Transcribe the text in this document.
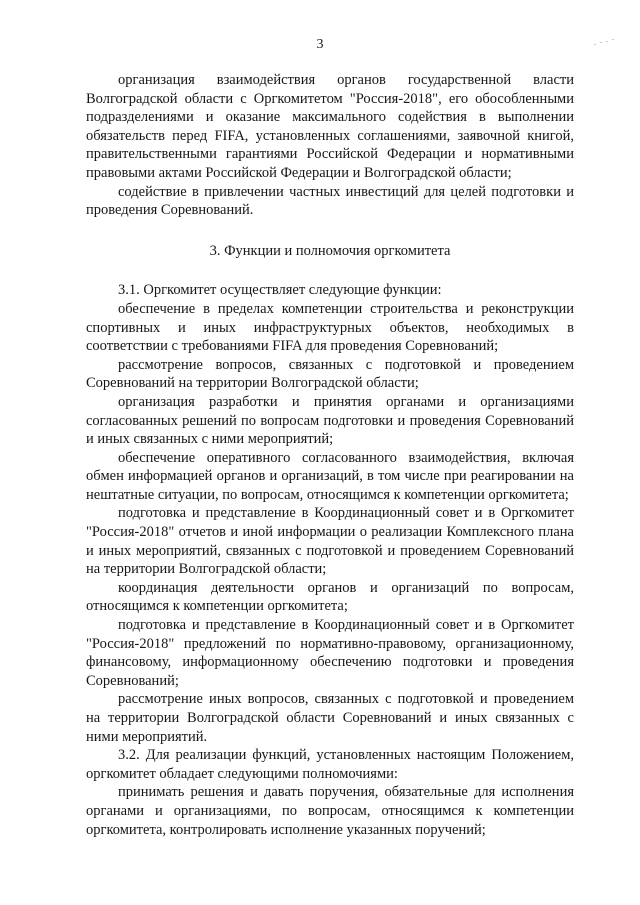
3

организация взаимодействия органов государственной власти Волгоградской области с Оргкомитетом "Россия-2018", его обособленными подразделениями и оказание максимального содействия в выполнении обязательств перед FIFA, установленных соглашениями, заявочной книгой, правительственными гарантиями Российской Федерации и нормативными правовыми актами Российской Федерации и Волгоградской области;

содействие в привлечении частных инвестиций для целей подготовки и проведения Соревнований.

3. Функции и полномочия оргкомитета

3.1. Оргкомитет осуществляет следующие функции:

обеспечение в пределах компетенции строительства и реконструкции спортивных и иных инфраструктурных объектов, необходимых в соответствии с требованиями FIFA для проведения Соревнований;

рассмотрение вопросов, связанных с подготовкой и проведением Соревнований на территории Волгоградской области;

организация разработки и принятия органами и организациями согласованных решений по вопросам подготовки и проведения Соревнований и иных связанных с ними мероприятий;

обеспечение оперативного согласованного взаимодействия, включая обмен информацией органов и организаций, в том числе при реагировании на нештатные ситуации, по вопросам, относящимся к компетенции оргкомитета;

подготовка и представление в Координационный совет и в Оргкомитет "Россия-2018" отчетов и иной информации о реализации Комплексного плана и иных мероприятий, связанных с подготовкой и проведением Соревнований на территории Волгоградской области;

координация деятельности органов и организаций по вопросам, относящимся к компетенции оргкомитета;

подготовка и представление в Координационный совет и в Оргкомитет "Россия-2018" предложений по нормативно-правовому, организационному, финансовому, информационному обеспечению подготовки и проведения Соревнований;

рассмотрение иных вопросов, связанных с подготовкой и проведением на территории Волгоградской области Соревнований и иных связанных с ними мероприятий.

3.2. Для реализации функций, установленных настоящим Положением, оргкомитет обладает следующими полномочиями:

принимать решения и давать поручения, обязательные для исполнения органами и организациями, по вопросам, относящимся к компетенции оргкомитета, контролировать исполнение указанных поручений;
